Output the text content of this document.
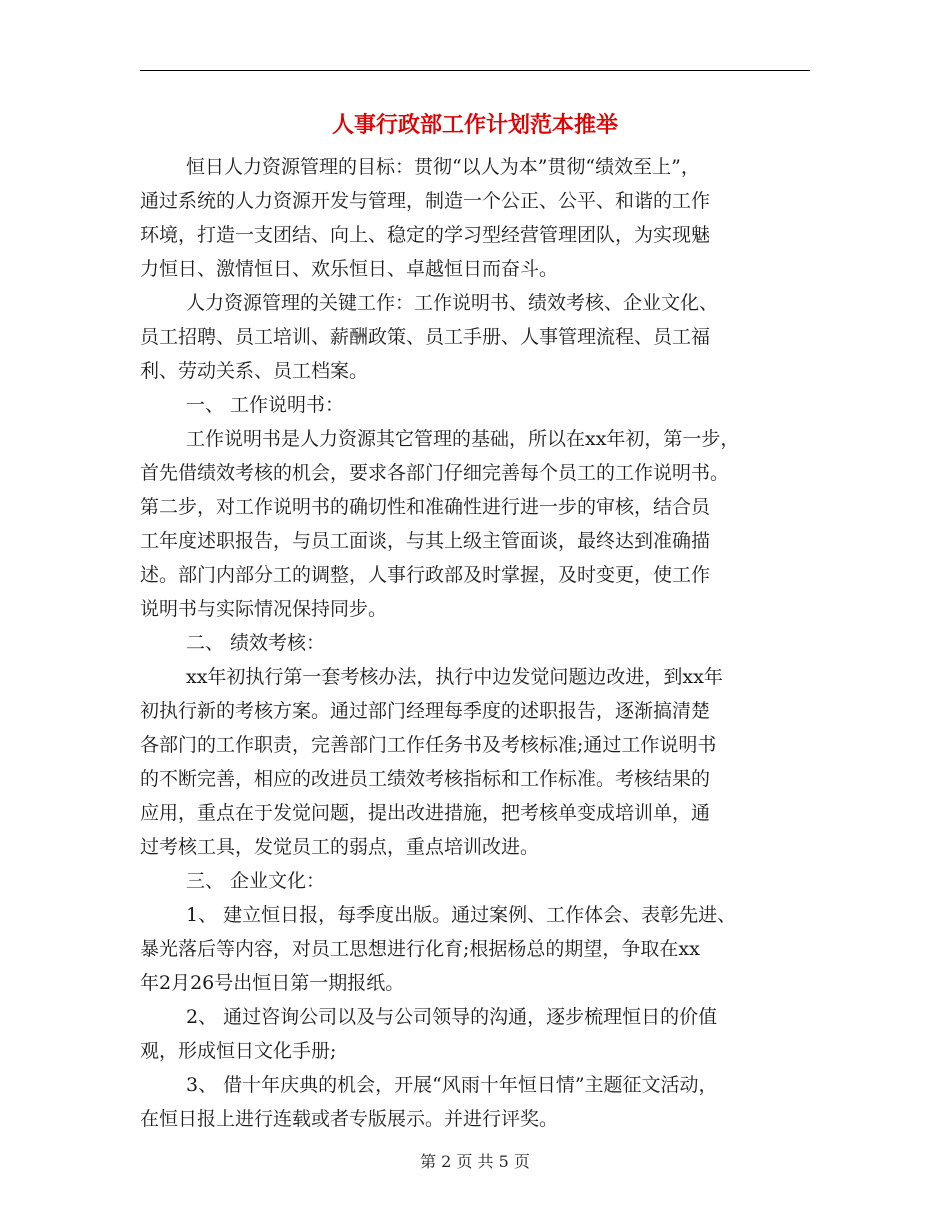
人事行政部工作计划范本推举
恒日人力资源管理的目标：贯彻“以人为本”贯彻“绩效至上”，
通过系统的人力资源开发与管理，制造一个公正、公平、和谐的工作
环境，打造一支团结、向上、稳定的学习型经营管理团队，为实现魅
力恒日、激情恒日、欢乐恒日、卓越恒日而奋斗。
人力资源管理的关键工作：工作说明书、绩效考核、企业文化、
员工招聘、员工培训、薪酬政策、员工手册、人事管理流程、员工福
利、劳动关系、员工档案。
一、 工作说明书：
工作说明书是人力资源其它管理的基础，所以在xx年初，第一步，
首先借绩效考核的机会，要求各部门仔细完善每个员工的工作说明书。
第二步，对工作说明书的确切性和准确性进行进一步的审核，结合员
工年度述职报告，与员工面谈，与其上级主管面谈，最终达到准确描
述。部门内部分工的调整，人事行政部及时掌握，及时变更，使工作
说明书与实际情况保持同步。
二、 绩效考核：
xx年初执行第一套考核办法，执行中边发觉问题边改进，到xx年
初执行新的考核方案。通过部门经理每季度的述职报告，逐渐搞清楚
各部门的工作职责，完善部门工作任务书及考核标准;通过工作说明书
的不断完善，相应的改进员工绩效考核指标和工作标准。考核结果的
应用，重点在于发觉问题，提出改进措施，把考核单变成培训单，通
过考核工具，发觉员工的弱点，重点培训改进。
三、 企业文化：
1、 建立恒日报，每季度出版。通过案例、工作体会、表彰先进、
暴光落后等内容，对员工思想进行化育;根据杨总的期望，争取在xx
年2月26号出恒日第一期报纸。
2、 通过咨询公司以及与公司领导的沟通，逐步梳理恒日的价值
观，形成恒日文化手册;
3、 借十年庆典的机会，开展“风雨十年恒日情”主题征文活动，
在恒日报上进行连载或者专版展示。并进行评奖。
第 2 页 共 5 页
